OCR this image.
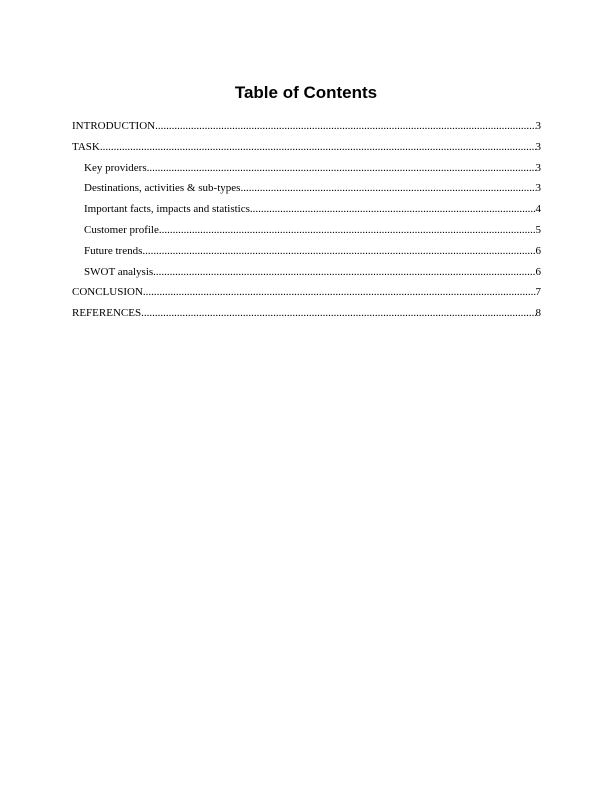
Table of Contents
INTRODUCTION .....	3
TASK .....	3
Key providers .....	3
Destinations, activities & sub-types .....	3
Important facts, impacts and statistics .....	4
Customer profile .....	5
Future trends .....	6
SWOT analysis .....	6
CONCLUSION .....	7
REFERENCES .....	8
